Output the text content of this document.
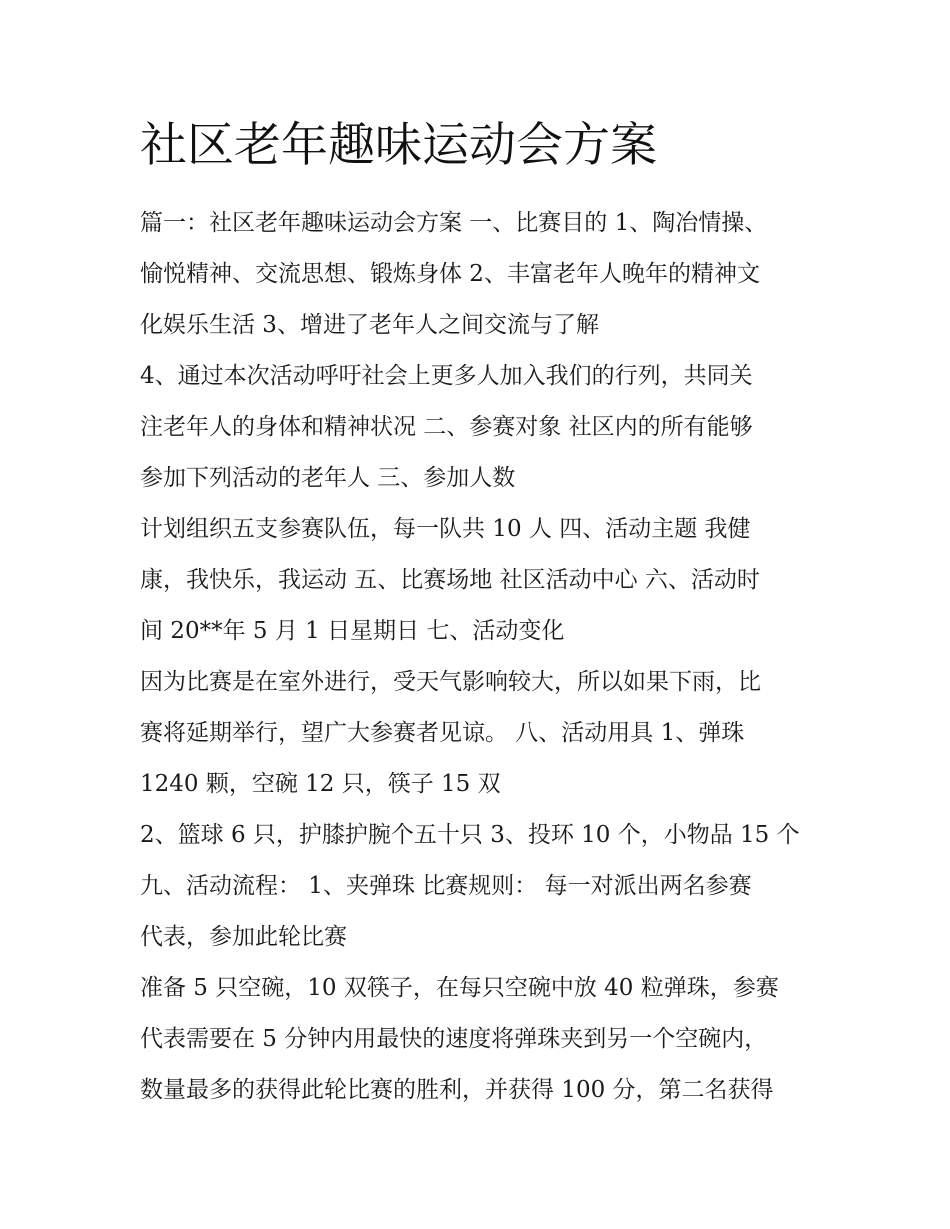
社区老年趣味运动会方案
篇一：社区老年趣味运动会方案 一、比赛目的 1、陶冶情操、
愉悦精神、交流思想、锻炼身体 2、丰富老年人晚年的精神文
化娱乐生活 3、增进了老年人之间交流与了解
4、通过本次活动呼吁社会上更多人加入我们的行列，共同关
注老年人的身体和精神状况 二、参赛对象 社区内的所有能够
参加下列活动的老年人 三、参加人数
计划组织五支参赛队伍，每一队共 10 人 四、活动主题 我健
康，我快乐，我运动 五、比赛场地 社区活动中心 六、活动时
间 20**年 5 月 1 日星期日 七、活动变化
因为比赛是在室外进行，受天气影响较大，所以如果下雨，比
赛将延期举行，望广大参赛者见谅。 八、活动用具 1、弹珠
1240 颗，空碗 12 只，筷子 15 双
2、篮球 6 只，护膝护腕个五十只 3、投环 10 个，小物品 15 个
九、活动流程： 1、夹弹珠 比赛规则： 每一对派出两名参赛
代表，参加此轮比赛
准备 5 只空碗，10 双筷子，在每只空碗中放 40 粒弹珠，参赛
代表需要在 5 分钟内用最快的速度将弹珠夹到另一个空碗内，
数量最多的获得此轮比赛的胜利，并获得 100 分，第二名获得
